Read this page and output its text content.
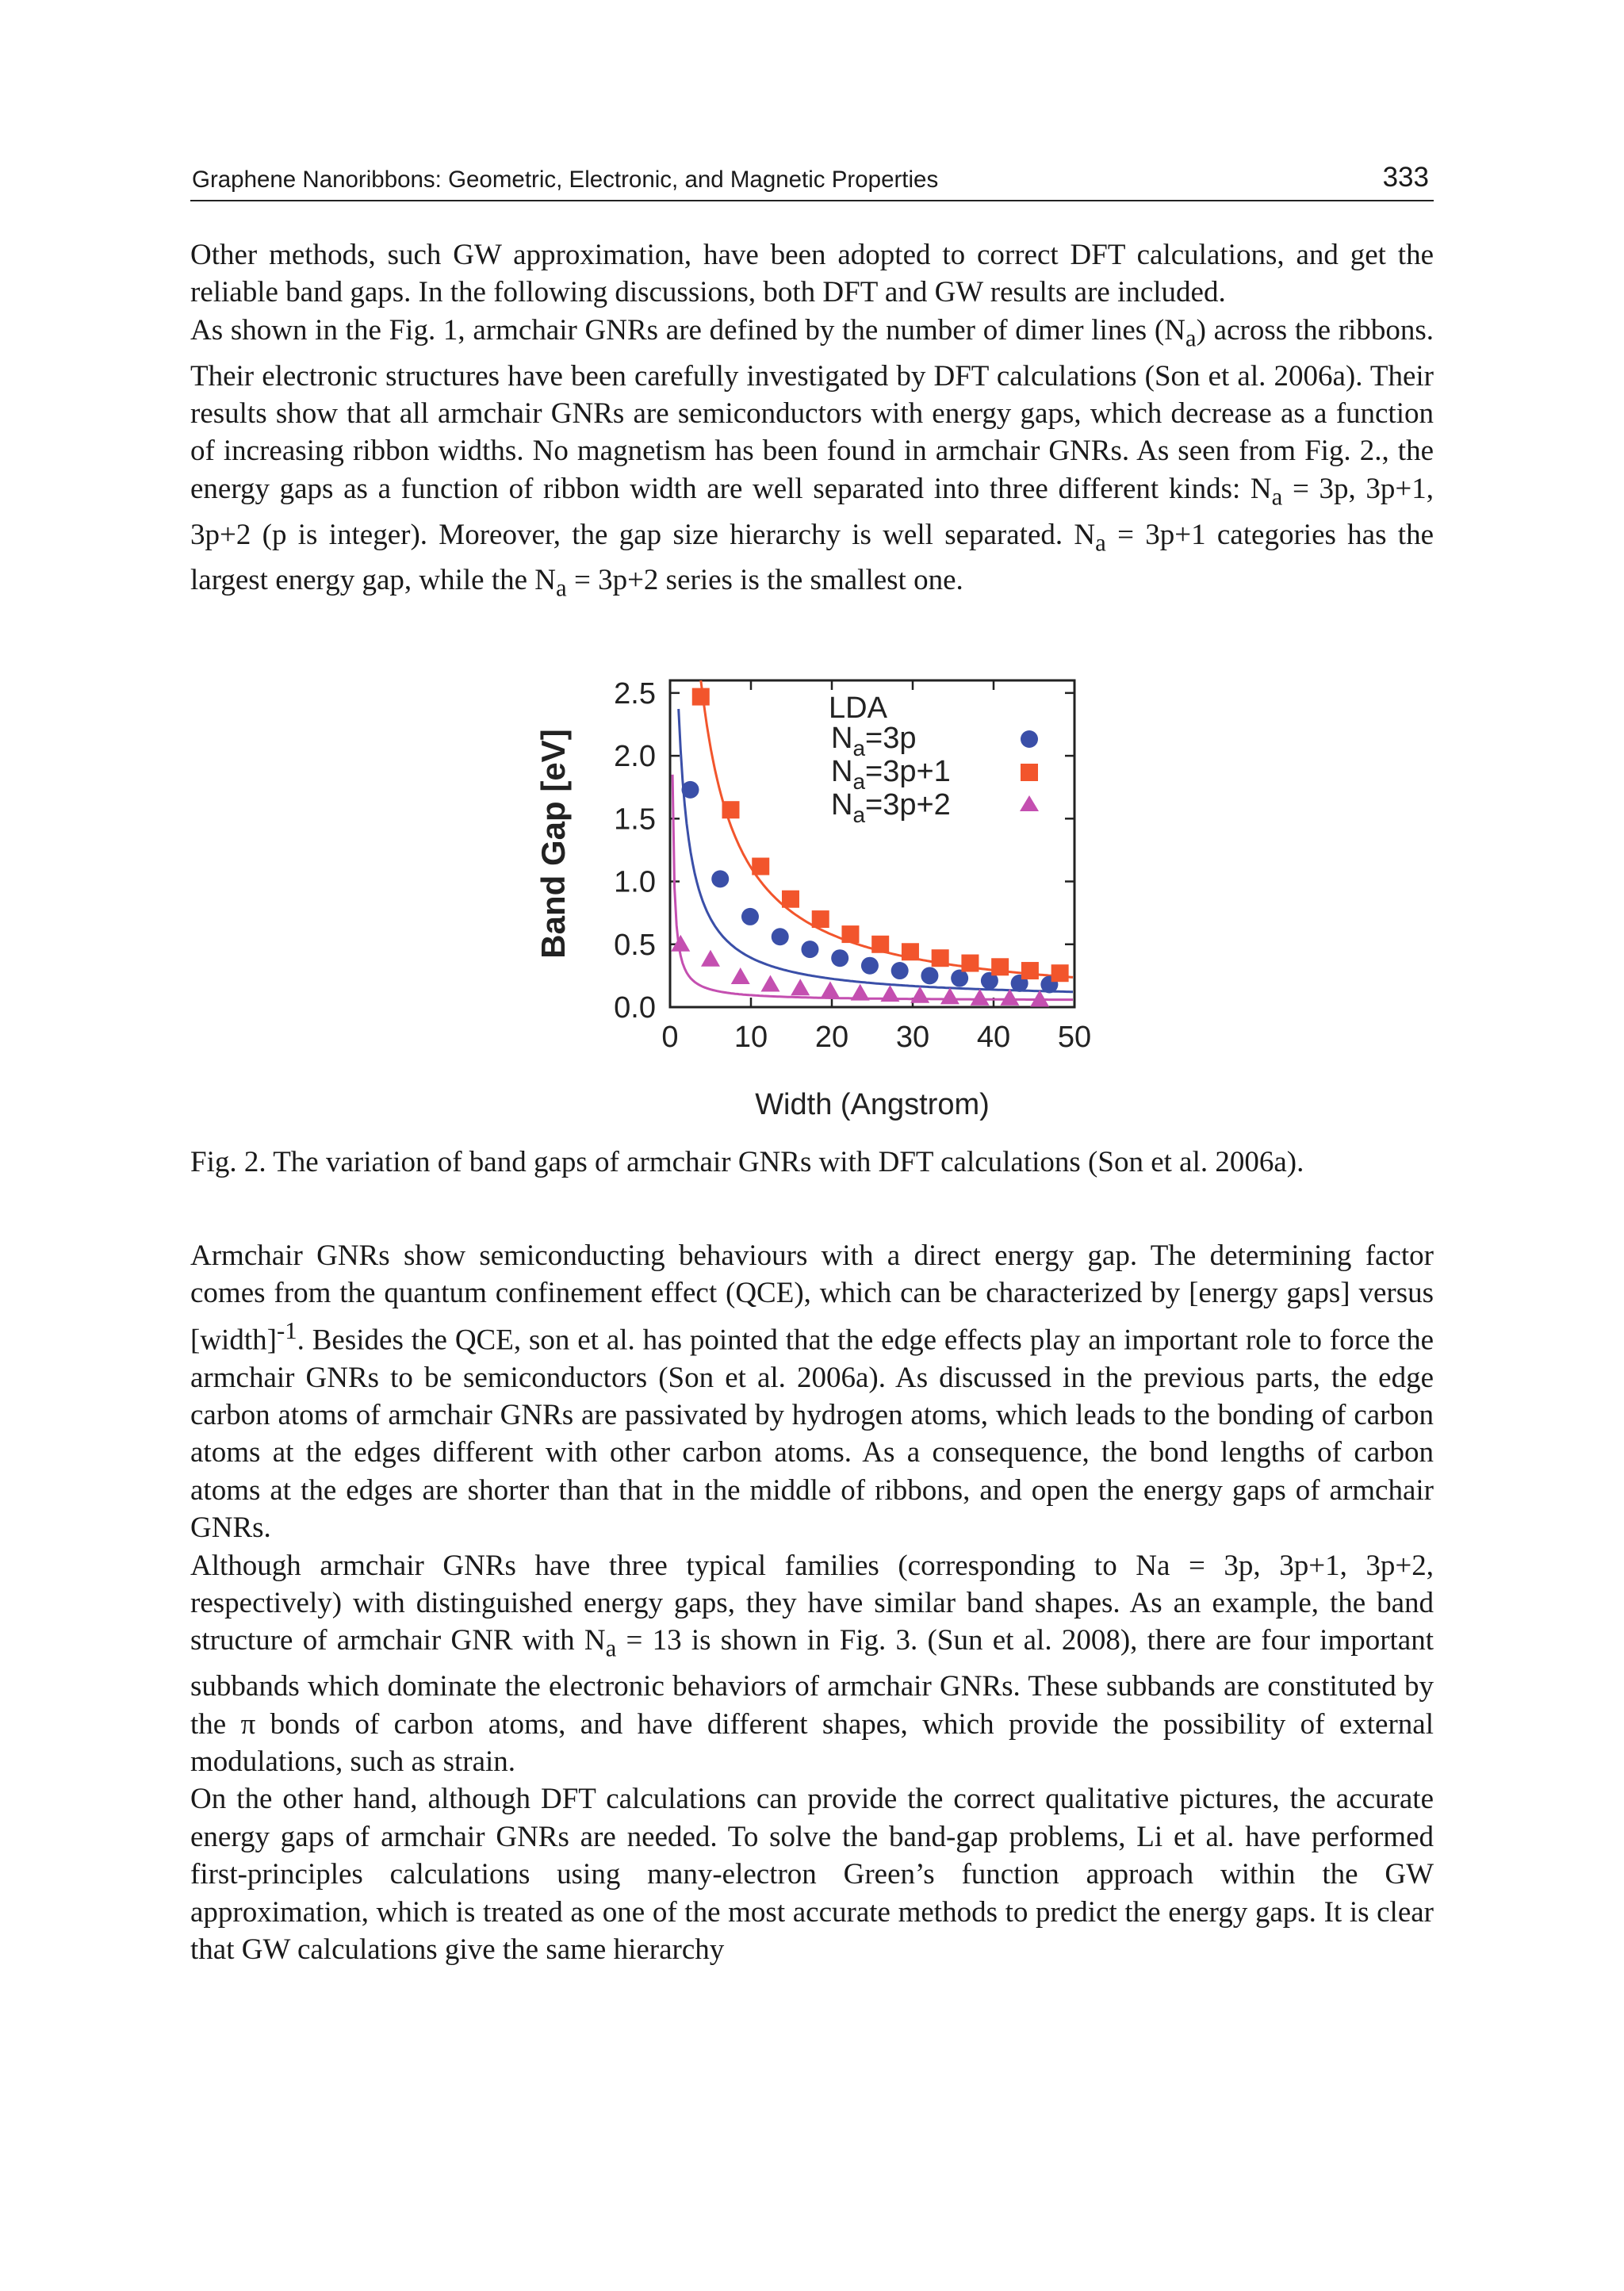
Graphene Nanoribbons: Geometric, Electronic, and Magnetic Properties	333

Other methods, such GW approximation, have been adopted to correct DFT calculations, and get the reliable band gaps. In the following discussions, both DFT and GW results are included.

As shown in the Fig. 1, armchair GNRs are defined by the number of dimer lines $(N_a)$ across the ribbons. Their electronic structures have been carefully investigated by DFT calculations (Son et al. 2006a). Their results show that all armchair GNRs are semiconductors with energy gaps, which decrease as a function of increasing ribbon widths. No magnetism has been found in armchair GNRs. As seen from Fig. 2., the energy gaps as a function of ribbon width are well separated into three different kinds: $N_a = 3p$, 3p+1, 3p+2 (p is integer). Moreover, the gap size hierarchy is well separated. $N_a = 3p+1$ categories has the largest energy gap, while the $N_a = 3p+2$ series is the smallest one.

0.0
0.5
1.0
1.5
2.0
2.5
0 10 20 30 40 50
Width (Angstrom)
Band Gap [eV]
LDA
$N_a=3p$
$N_a=3p+1$
$N_a=3p+2$

Fig. 2. The variation of band gaps of armchair GNRs with DFT calculations (Son et al. 2006a).

Armchair GNRs show semiconducting behaviours with a direct energy gap. The determining factor comes from the quantum confinement effect (QCE), which can be characterized by [energy gaps] versus [width]$^{-1}$. Besides the QCE, son et al. has pointed that the edge effects play an important role to force the armchair GNRs to be semiconductors (Son et al. 2006a). As discussed in the previous parts, the edge carbon atoms of armchair GNRs are passivated by hydrogen atoms, which leads to the bonding of carbon atoms at the edges different with other carbon atoms. As a consequence, the bond lengths of carbon atoms at the edges are shorter than that in the middle of ribbons, and open the energy gaps of armchair GNRs.

Although armchair GNRs have three typical families (corresponding to Na = 3p, 3p+1, 3p+2, respectively) with distinguished energy gaps, they have similar band shapes. As an example, the band structure of armchair GNR with $N_a = 13$ is shown in Fig. 3. (Sun et al. 2008), there are four important subbands which dominate the electronic behaviors of armchair GNRs. These subbands are constituted by the π bonds of carbon atoms, and have different shapes, which provide the possibility of external modulations, such as strain.

On the other hand, although DFT calculations can provide the correct qualitative pictures, the accurate energy gaps of armchair GNRs are needed. To solve the band-gap problems, Li et al. have performed first-principles calculations using many-electron Green’s function approach within the GW approximation, which is treated as one of the most accurate methods to predict the energy gaps. It is clear that GW calculations give the same hierarchy
